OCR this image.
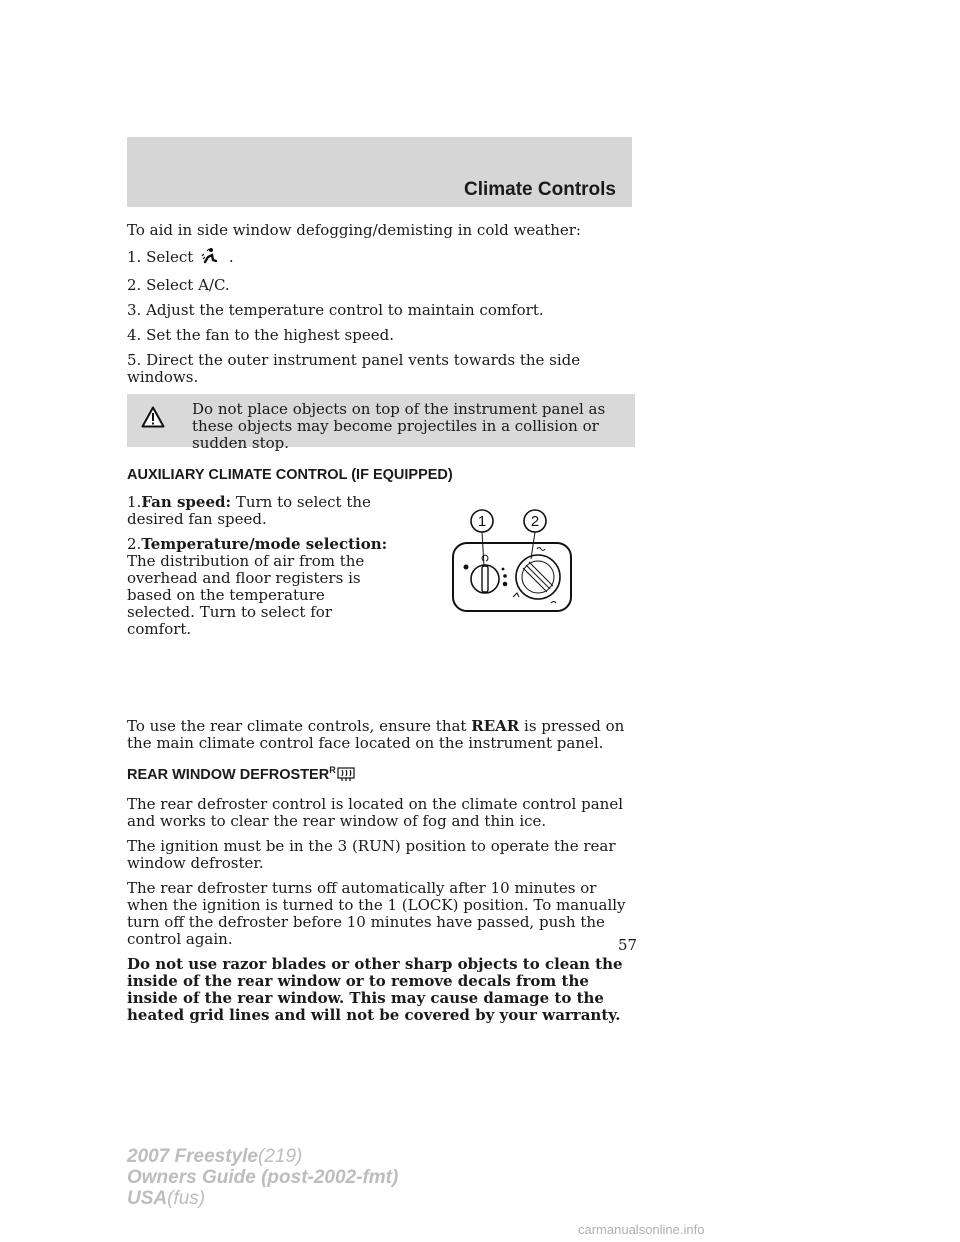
Climate Controls

To aid in side window defogging/demisting in cold weather:

1. Select .
2. Select A/C.
3. Adjust the temperature control to maintain comfort.
4. Set the fan to the highest speed.
5. Direct the outer instrument panel vents towards the side windows.
Do not place objects on top of the instrument panel as these objects may become projectiles in a collision or sudden stop.
AUXILIARY CLIMATE CONTROL (IF EQUIPPED)

1.Fan speed: Turn to select the desired fan speed.

2.Temperature/mode selection: The distribution of air from the overhead and floor registers is based on the temperature selected. Turn to select for comfort.

1	2

To use the rear climate controls, ensure that REAR is pressed on the main climate control face located on the instrument panel.

REAR WINDOW $DEFROSTER^R$

The rear defroster control is located on the climate control panel and works to clear the rear window of fog and thin ice.

The ignition must be in the 3 (RUN) position to operate the rear window defroster.

The rear defroster turns off automatically after 10 minutes or when the ignition is turned to the 1 (LOCK) position. To manually turn off the defroster before 10 minutes have passed, push the control again.

Do not use razor blades or other sharp objects to clean the inside of the rear window or to remove decals from the inside of the rear window. This may cause damage to the heated grid lines and will not be covered by your warranty.

57
2007 Freestyle(219)
Owners Guide (post-2002-fmt)
USA(fus)
carmanualsonline.info
